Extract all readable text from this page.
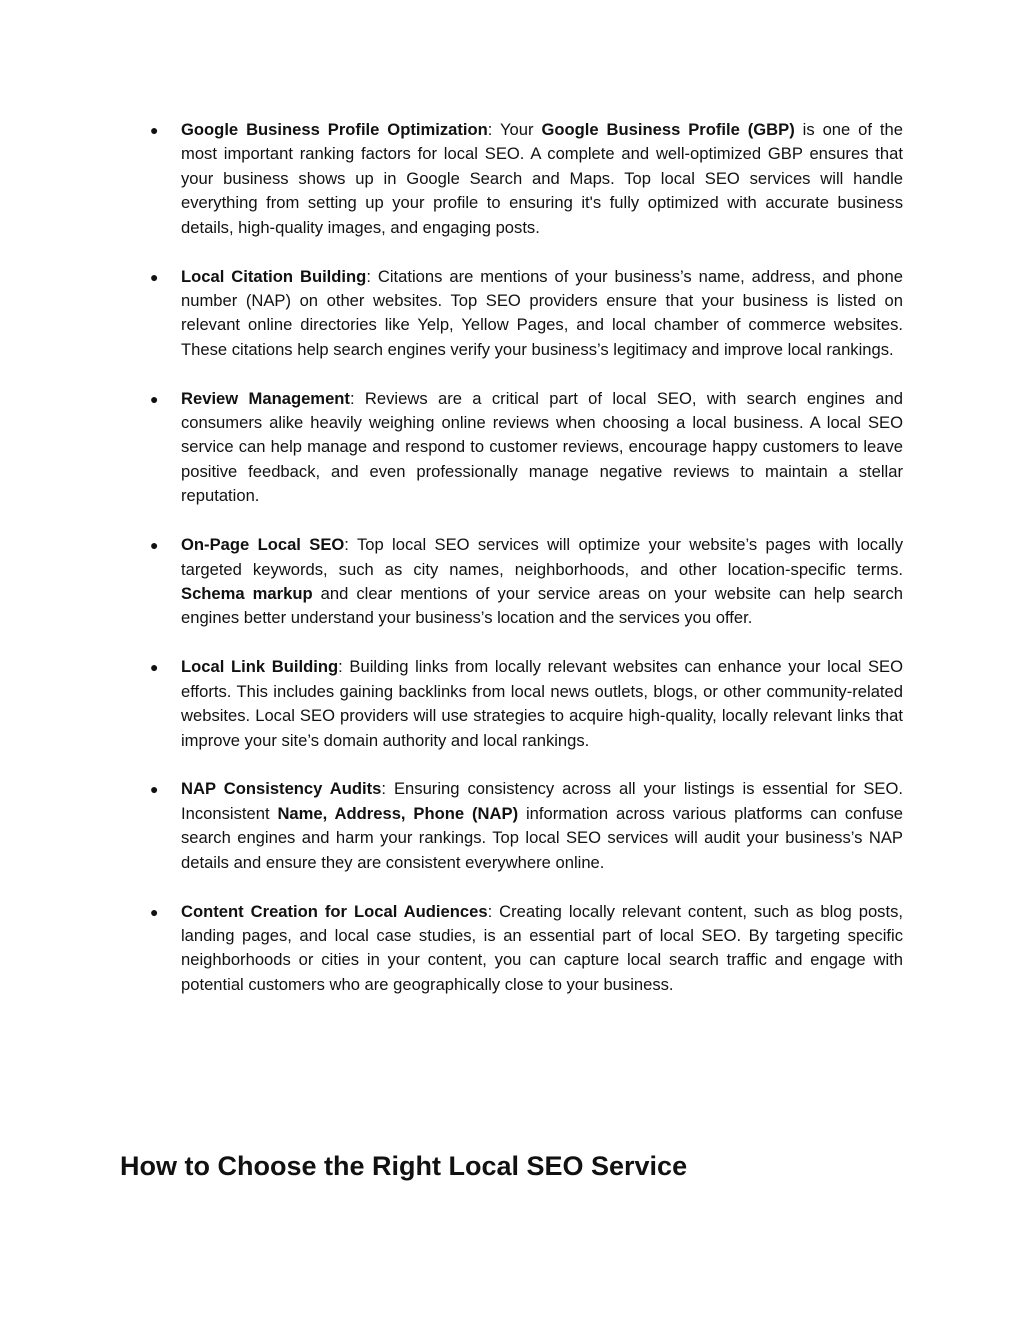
●	Google Business Profile Optimization: Your Google Business Profile (GBP) is one of the most important ranking factors for local SEO. A complete and well-optimized GBP ensures that your business shows up in Google Search and Maps. Top local SEO services will handle everything from setting up your profile to ensuring it's fully optimized with accurate business details, high-quality images, and engaging posts.
●	Local Citation Building: Citations are mentions of your business’s name, address, and phone number (NAP) on other websites. Top SEO providers ensure that your business is listed on relevant online directories like Yelp, Yellow Pages, and local chamber of commerce websites. These citations help search engines verify your business’s legitimacy and improve local rankings.
●	Review Management: Reviews are a critical part of local SEO, with search engines and consumers alike heavily weighing online reviews when choosing a local business. A local SEO service can help manage and respond to customer reviews, encourage happy customers to leave positive feedback, and even professionally manage negative reviews to maintain a stellar reputation.
●	On-Page Local SEO: Top local SEO services will optimize your website’s pages with locally targeted keywords, such as city names, neighborhoods, and other location-specific terms. Schema markup and clear mentions of your service areas on your website can help search engines better understand your business’s location and the services you offer.
●	Local Link Building: Building links from locally relevant websites can enhance your local SEO efforts. This includes gaining backlinks from local news outlets, blogs, or other community-related websites. Local SEO providers will use strategies to acquire high-quality, locally relevant links that improve your site’s domain authority and local rankings.
●	NAP Consistency Audits: Ensuring consistency across all your listings is essential for SEO. Inconsistent Name, Address, Phone (NAP) information across various platforms can confuse search engines and harm your rankings. Top local SEO services will audit your business’s NAP details and ensure they are consistent everywhere online.
●	Content Creation for Local Audiences: Creating locally relevant content, such as blog posts, landing pages, and local case studies, is an essential part of local SEO. By targeting specific neighborhoods or cities in your content, you can capture local search traffic and engage with potential customers who are geographically close to your business.
How to Choose the Right Local SEO Service
